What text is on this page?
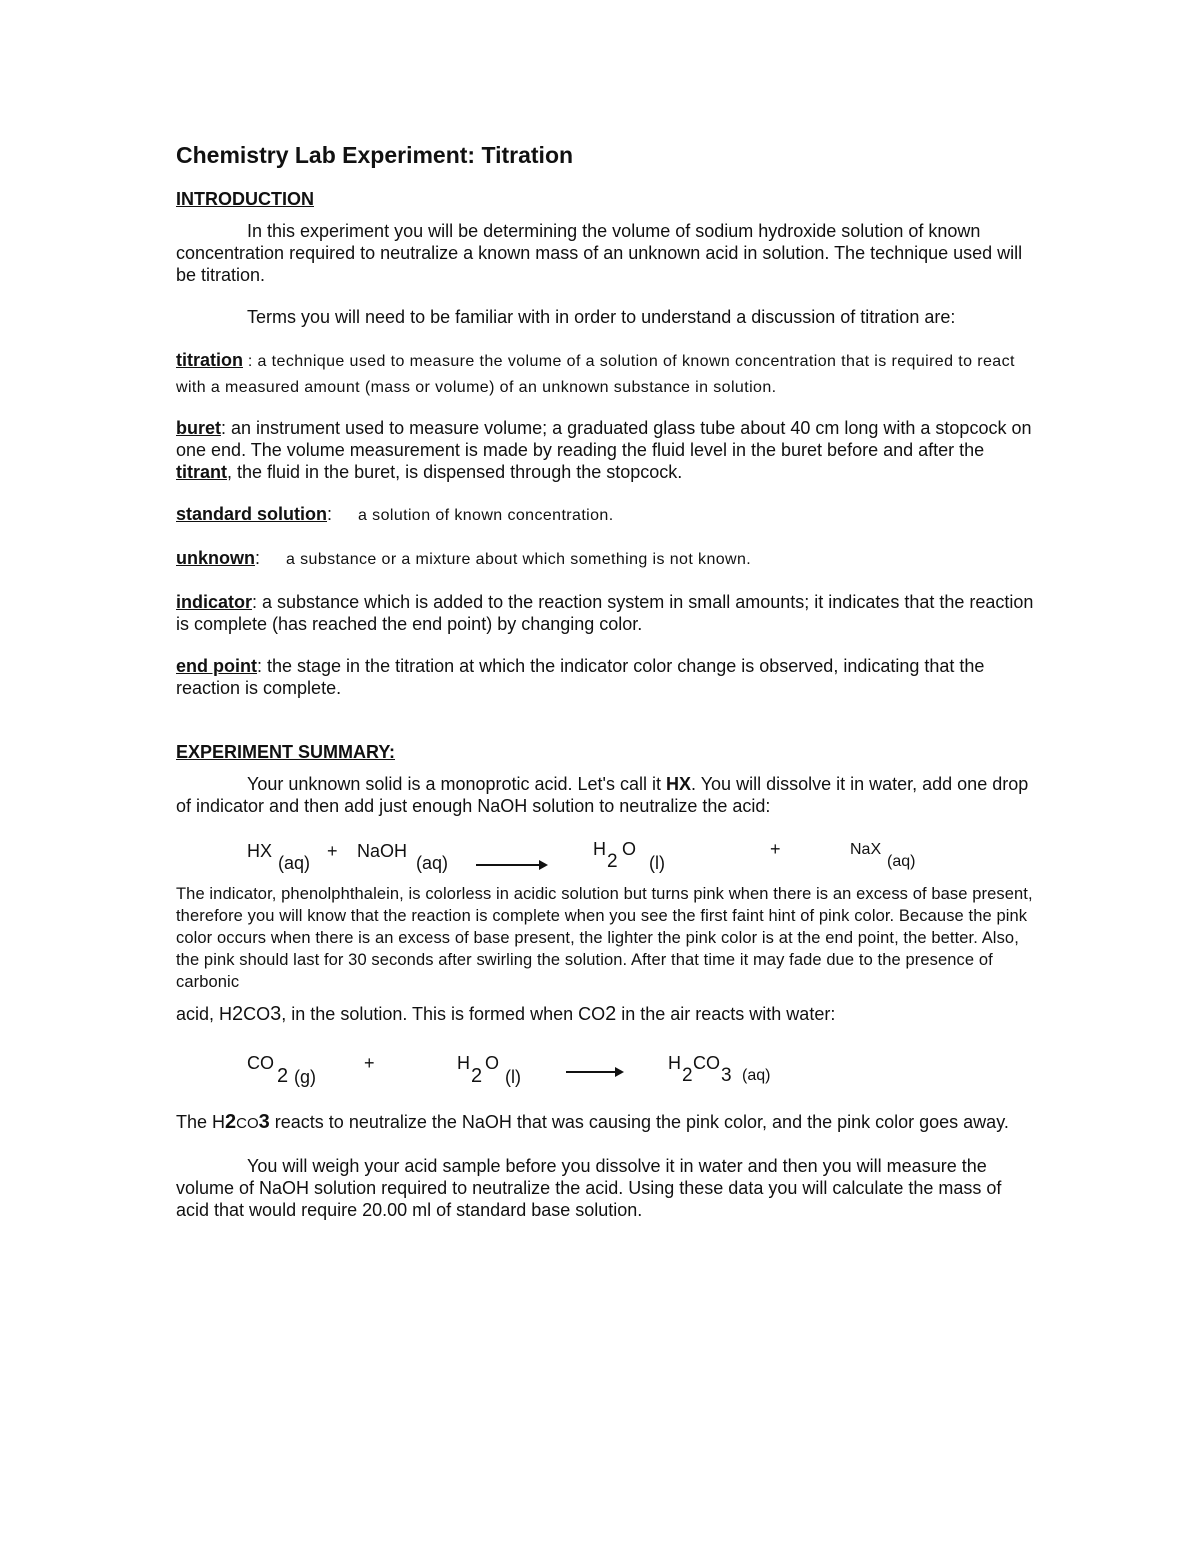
Chemistry Lab Experiment: Titration
INTRODUCTION

In this experiment you will be determining the volume of sodium hydroxide solution of known concentration required to neutralize a known mass of an unknown acid in solution. The technique used will be titration.

Terms you will need to be familiar with in order to understand a discussion of titration are:

titration : a technique used to measure the volume of a solution of known concentration that is required to react with a measured amount (mass or volume) of an unknown substance in solution.

buret: an instrument used to measure volume; a graduated glass tube about 40 cm long with a stopcock on one end. The volume measurement is made by reading the fluid level in the buret before and after the titrant, the fluid in the buret, is dispensed through the stopcock.

standard solution: a solution of known concentration.

unknown: a substance or a mixture about which something is not known.

indicator: a substance which is added to the reaction system in small amounts; it indicates that the reaction is complete (has reached the end point) by changing color.

end point: the stage in the titration at which the indicator color change is observed, indicating that the reaction is complete.

EXPERIMENT SUMMARY:

Your unknown solid is a monoprotic acid. Let's call it HX. You will dissolve it in water, add one drop of indicator and then add just enough NaOH solution to neutralize the acid:

HX
(aq)
+ NaOH
(aq)
H
2
O
(l)
+	NaX
(aq)

The indicator, phenolphthalein, is colorless in acidic solution but turns pink when there is an excess of base present, therefore you will know that the reaction is complete when you see the first faint hint of pink color. Because the pink color occurs when there is an excess of base present, the lighter the pink color is at the end point, the better. Also, the pink should last for 30 seconds after swirling the solution. After that time it may fade due to the presence of carbonic

acid, H2CO3, in the solution. This is formed when CO2 in the air reacts with water:

CO
2 (g)
+	H
2
O
(l)
H
2
CO
3 (aq)

The H2CO3 reacts to neutralize the NaOH that was causing the pink color, and the pink color goes away.

You will weigh your acid sample before you dissolve it in water and then you will measure the volume of NaOH solution required to neutralize the acid. Using these data you will calculate the mass of acid that would require 20.00 ml of standard base solution.
